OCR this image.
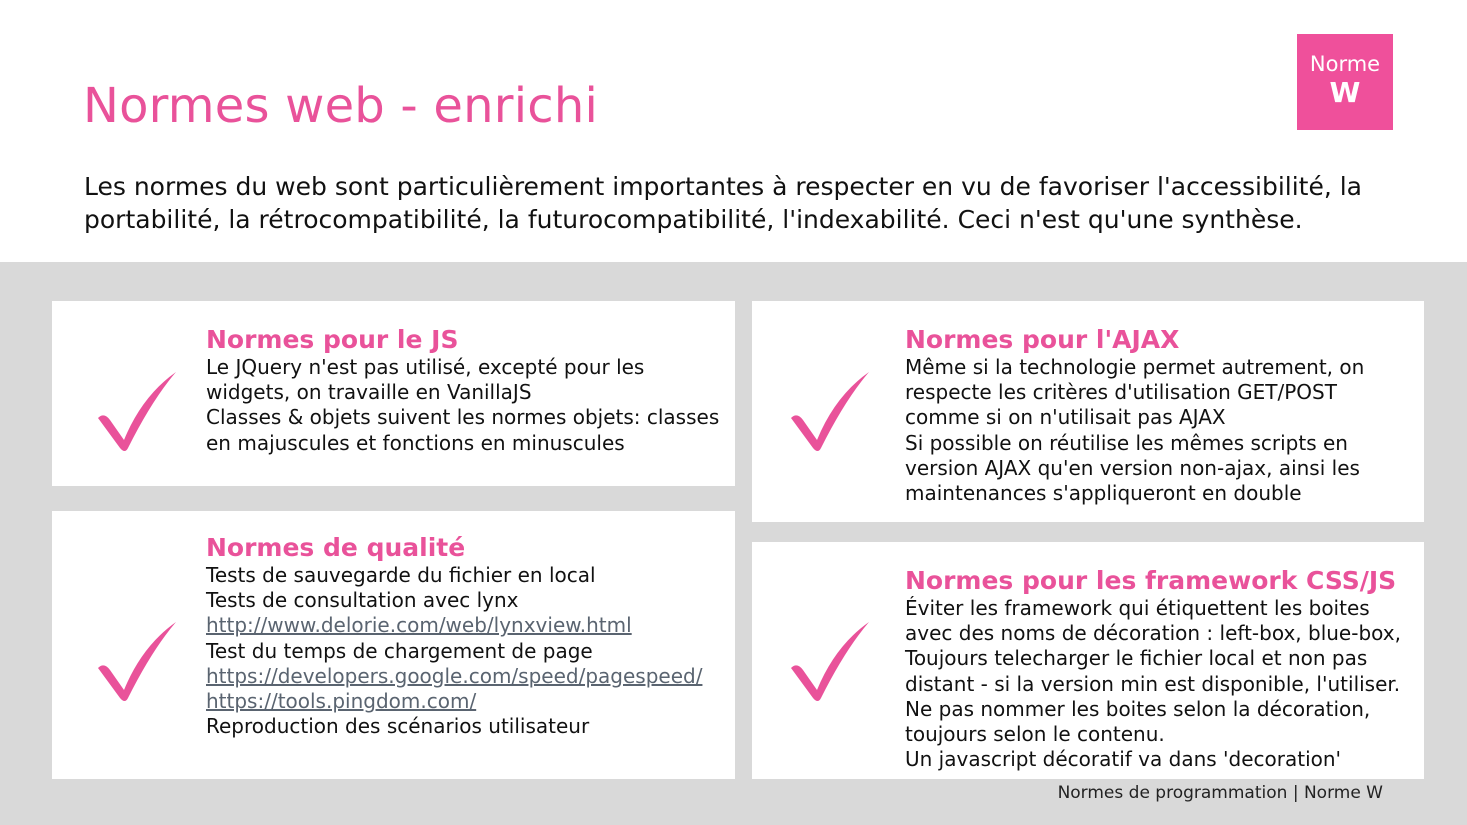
Normes web - enrichi
Norme
W
Les normes du web sont particulièrement importantes à respecter en vu de favoriser l'accessibilité, la
portabilité, la rétrocompatibilité, la futurocompatibilité, l'indexabilité. Ceci n'est qu'une synthèse.
Normes pour le JS
Le JQuery n'est pas utilisé, excepté pour les
widgets, on travaille en VanillaJS
Classes & objets suivent les normes objets: classes
en majuscules et fonctions en minuscules
Normes pour l'AJAX
Même si la technologie permet autrement, on
respecte les critères d'utilisation GET/POST
comme si on n'utilisait pas AJAX
Si possible on réutilise les mêmes scripts en
version AJAX qu'en version non-ajax, ainsi les
maintenances s'appliqueront en double
Normes de qualité
Tests de sauvegarde du fichier en local
Tests de consultation avec lynx
http://www.delorie.com/web/lynxview.html
Test du temps de chargement de page
https://developers.google.com/speed/pagespeed/
https://tools.pingdom.com/
Reproduction des scénarios utilisateur
Normes pour les framework CSS/JS
Éviter les framework qui étiquettent les boites
avec des noms de décoration : left-box, blue-box,
Toujours telecharger le fichier local et non pas
distant - si la version min est disponible, l'utiliser.
Ne pas nommer les boites selon la décoration,
toujours selon le contenu.
Un javascript décoratif va dans 'decoration'
Normes de programmation | Norme W
